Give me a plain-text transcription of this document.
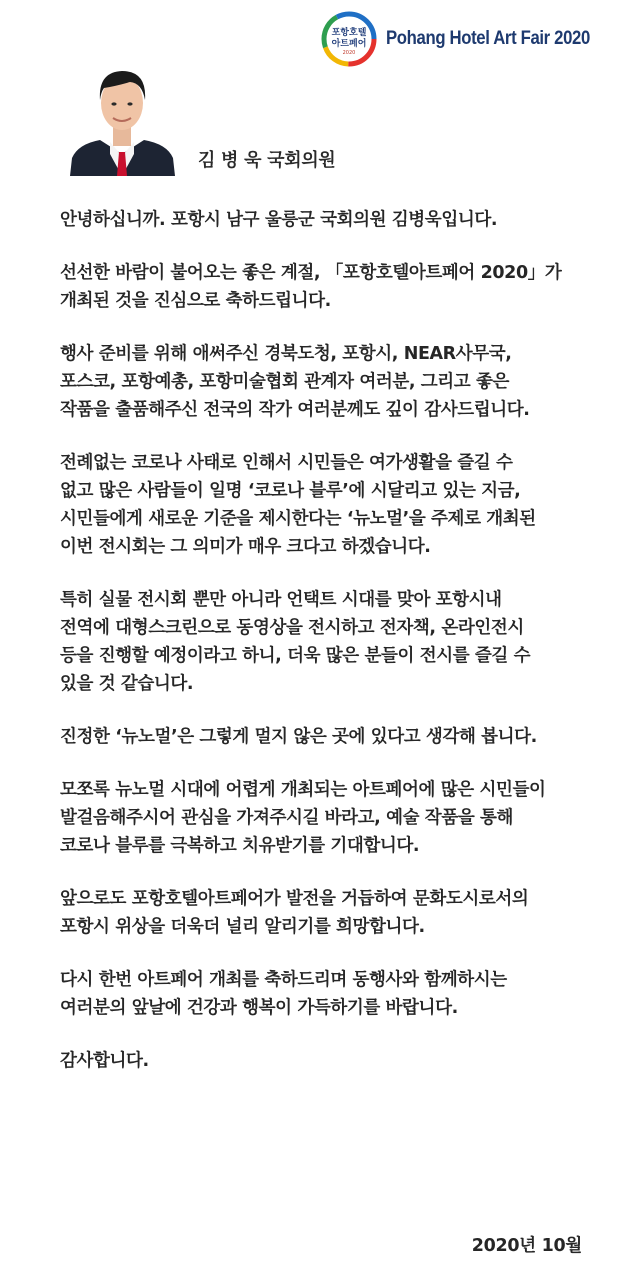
포항호텔
아트페어
2020
Pohang Hotel Art Fair 2020
김 병 욱 국회의원

안녕하십니까. 포항시 남구 울릉군 국회의원 김병욱입니다.

선선한 바람이 불어오는 좋은 계절, 「포항호텔아트페어 2020」가
개최된 것을 진심으로 축하드립니다.

행사 준비를 위해 애써주신 경북도청, 포항시, NEAR사무국,
포스코, 포항예총, 포항미술협회 관계자 여러분, 그리고 좋은
작품을 출품해주신 전국의 작가 여러분께도 깊이 감사드립니다.

전례없는 코로나 사태로 인해서 시민들은 여가생활을 즐길 수
없고 많은 사람들이 일명 ‘코로나 블루’에 시달리고 있는 지금,
시민들에게 새로운 기준을 제시한다는 ‘뉴노멀’을 주제로 개최된
이번 전시회는 그 의미가 매우 크다고 하겠습니다.

특히 실물 전시회 뿐만 아니라 언택트 시대를 맞아 포항시내
전역에 대형스크린으로 동영상을 전시하고 전자책, 온라인전시
등을 진행할 예정이라고 하니, 더욱 많은 분들이 전시를 즐길 수
있을 것 같습니다.

진정한 ‘뉴노멀’은 그렇게 멀지 않은 곳에 있다고 생각해 봅니다.

모쪼록 뉴노멀 시대에 어렵게 개최되는 아트페어에 많은 시민들이
발걸음해주시어 관심을 가져주시길 바라고, 예술 작품을 통해
코로나 블루를 극복하고 치유받기를 기대합니다.

앞으로도 포항호텔아트페어가 발전을 거듭하여 문화도시로서의
포항시 위상을 더욱더 널리 알리기를 희망합니다.

다시 한번 아트페어 개최를 축하드리며 동행사와 함께하시는
여러분의 앞날에 건강과 행복이 가득하기를 바랍니다.

감사합니다.

2020년 10월
